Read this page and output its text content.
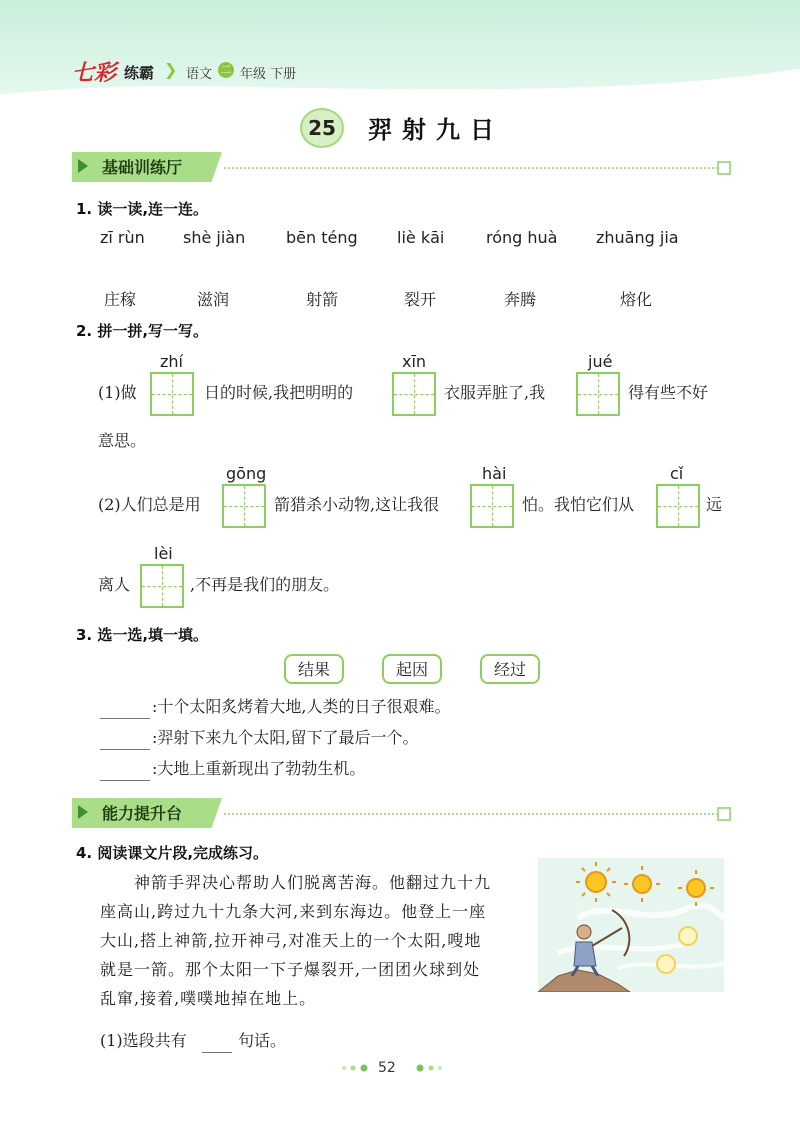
七彩 练霸 ❯ 语文 二 年级 下册
25	羿射九日
基础训练厅
1. 读一读,连一连。
zī rùn shè jiàn	bēn téng liè kāi	róng huà zhuāng jia
庄稼	滋润	射箭	裂开	奔腾	熔化
2. 拼一拼,写一写。
zhí	xīn	jué
(1)做	日的时候,我把明明的	衣服弄脏了,我	得有些不好
意思。
gōng	hài	cǐ
(2)人们总是用	箭猎杀小动物,这让我很	怕。我怕它们从	远
lèi
离人	,不再是我们的朋友。
3. 选一选,填一填。
结果	起因	经过
:十个太阳炙烤着大地,人类的日子很艰难。
:羿射下来九个太阳,留下了最后一个。
:大地上重新现出了勃勃生机。
能力提升台
4. 阅读课文片段,完成练习。
神箭手羿决心帮助人们脱离苦海。他翻过九十九
座高山,跨过九十九条大河,来到东海边。他登上一座
大山,搭上神箭,拉开神弓,对准天上的一个太阳,嗖地
就是一箭。那个太阳一下子爆裂开,一团团火球到处
乱窜,接着,噗噗地掉在地上。
(1)选段共有	句话。
52
